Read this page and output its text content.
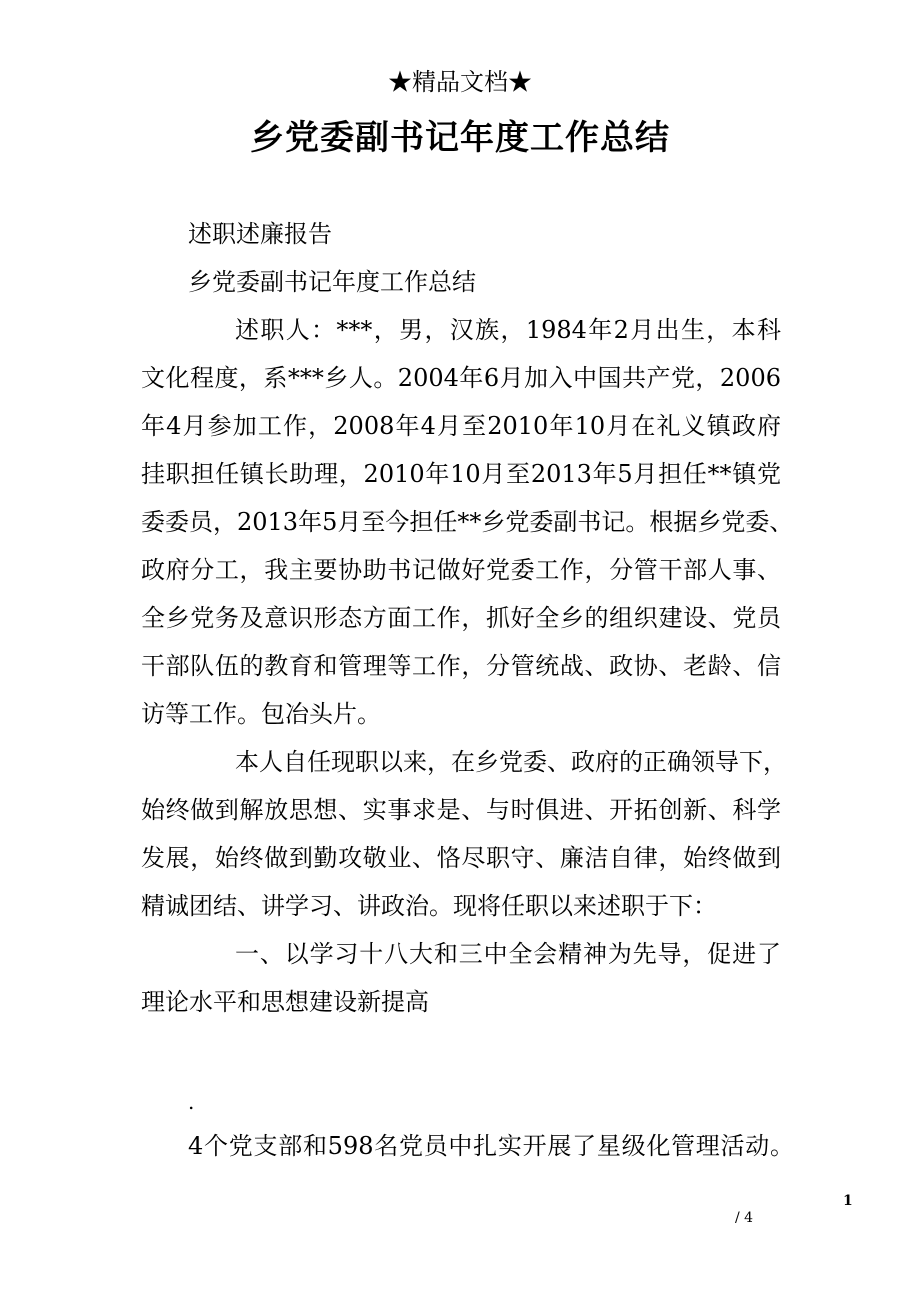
★精品文档★
乡党委副书记年度工作总结
述职述廉报告
乡党委副书记年度工作总结
述职人：***，男，汉族，1984年2月出生，本科
文化程度，系***乡人。2004年6月加入中国共产党，2006
年4月参加工作，2008年4月至2010年10月在礼义镇政府
挂职担任镇长助理，2010年10月至2013年5月担任**镇党
委委员，2013年5月至今担任**乡党委副书记。根据乡党委、
政府分工，我主要协助书记做好党委工作，分管干部人事、
全乡党务及意识形态方面工作，抓好全乡的组织建设、党员
干部队伍的教育和管理等工作，分管统战、政协、老龄、信
访等工作。包冶头片。
本人自任现职以来，在乡党委、政府的正确领导下，
始终做到解放思想、实事求是、与时俱进、开拓创新、科学
发展，始终做到勤攻敬业、恪尽职守、廉洁自律，始终做到
精诚团结、讲学习、讲政治。现将任职以来述职于下：
一、以学习十八大和三中全会精神为先导，促进了
理论水平和思想建设新提高
.
4个党支部和598名党员中扎实开展了星级化管理活动。
1
/ 4
